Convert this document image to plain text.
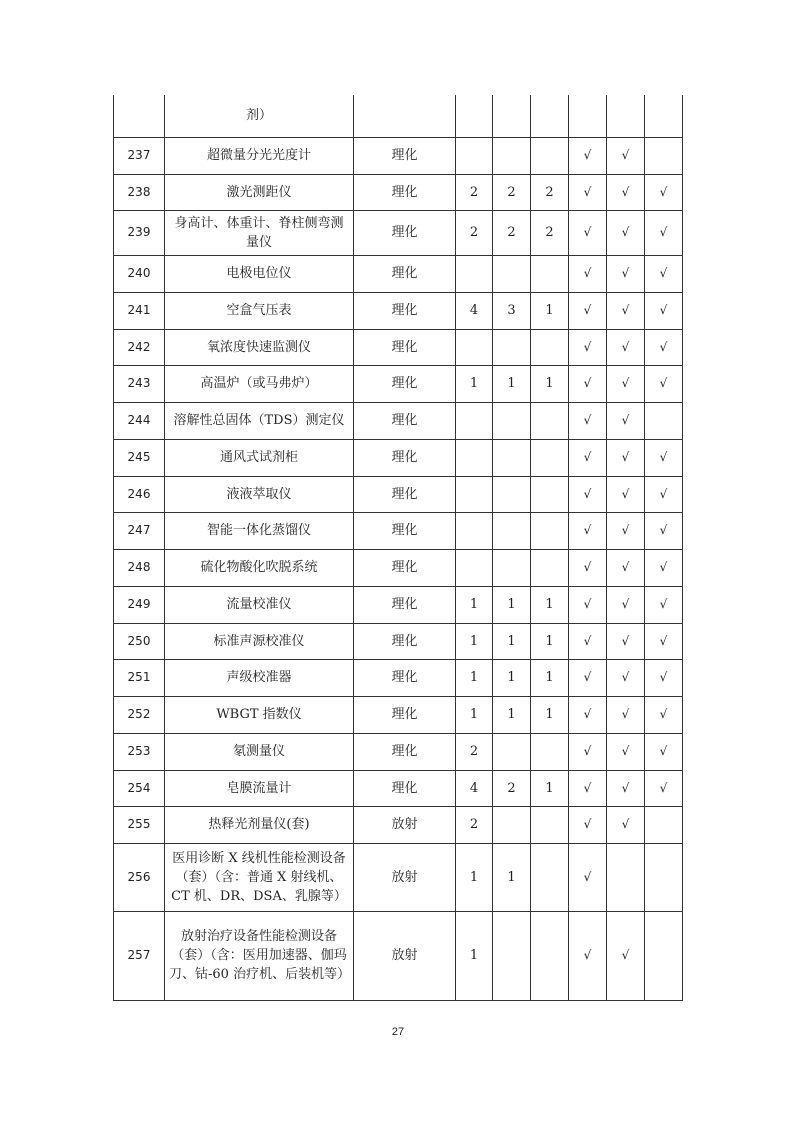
	剂）							
237	超微量分光光度计	理化				√	√	
238	激光测距仪	理化	2	2	2	√	√	√
239	身高计、体重计、脊柱侧弯测量仪	理化	2	2	2	√	√	√
240	电极电位仪	理化				√	√	√
241	空盒气压表	理化	4	3	1	√	√	√
242	氧浓度快速监测仪	理化				√	√	√
243	高温炉（或马弗炉）	理化	1	1	1	√	√	√
244	溶解性总固体（TDS）测定仪	理化				√	√	
245	通风式试剂柜	理化				√	√	√
246	液液萃取仪	理化				√	√	√
247	智能一体化蒸馏仪	理化				√	√	√
248	硫化物酸化吹脱系统	理化				√	√	√
249	流量校准仪	理化	1	1	1	√	√	√
250	标准声源校准仪	理化	1	1	1	√	√	√
251	声级校准器	理化	1	1	1	√	√	√
252	WBGT 指数仪	理化	1	1	1	√	√	√
253	氡测量仪	理化	2			√	√	√
254	皂膜流量计	理化	4	2	1	√	√	√
255	热释光剂量仪(套)	放射	2			√	√	
256	医用诊断 X 线机性能检测设备（套）（含：普通 X 射线机、CT 机、DR、DSA、乳腺等）	放射	1	1		√		
257	放射治疗设备性能检测设备（套）（含：医用加速器、伽玛刀、钴-60 治疗机、后装机等）	放射	1			√	√	
27
